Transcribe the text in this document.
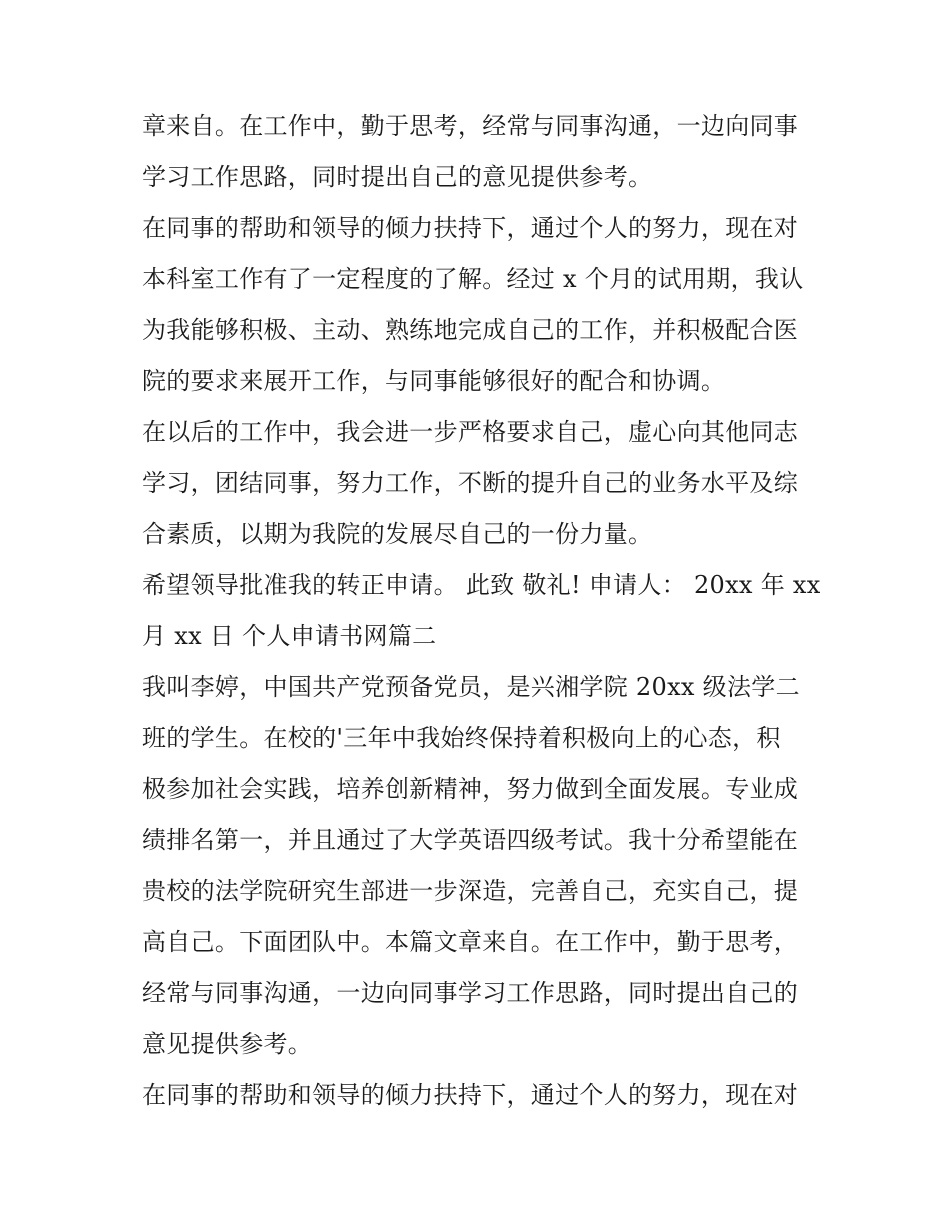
章来自。在工作中，勤于思考，经常与同事沟通，一边向同事
学习工作思路，同时提出自己的意见提供参考。
在同事的帮助和领导的倾力扶持下，通过个人的努力，现在对
本科室工作有了一定程度的了解。经过 x 个月的试用期，我认
为我能够积极、主动、熟练地完成自己的工作，并积极配合医
院的要求来展开工作，与同事能够很好的配合和协调。
在以后的工作中，我会进一步严格要求自己，虚心向其他同志
学习，团结同事，努力工作，不断的提升自己的业务水平及综
合素质，以期为我院的发展尽自己的一份力量。
希望领导批准我的转正申请。 此致 敬礼! 申请人： 20xx 年 xx
月 xx 日 个人申请书网篇二
我叫李婷，中国共产党预备党员，是兴湘学院 20xx 级法学二
班的学生。在校的'三年中我始终保持着积极向上的心态，积
极参加社会实践，培养创新精神，努力做到全面发展。专业成
绩排名第一，并且通过了大学英语四级考试。我十分希望能在
贵校的法学院研究生部进一步深造，完善自己，充实自己，提
高自己。下面团队中。本篇文章来自。在工作中，勤于思考，
经常与同事沟通，一边向同事学习工作思路，同时提出自己的
意见提供参考。
在同事的帮助和领导的倾力扶持下，通过个人的努力，现在对
